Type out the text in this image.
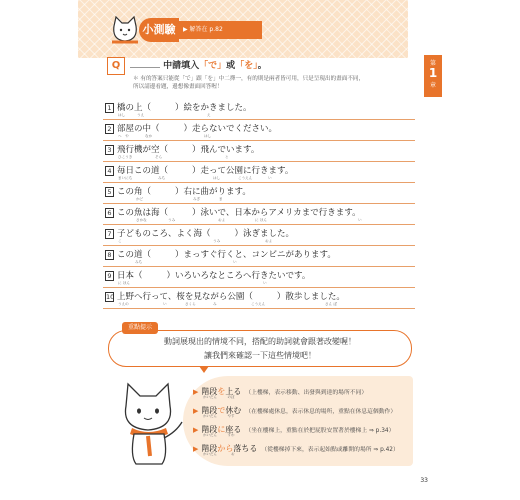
小測驗	▶ 解答在 p.82
第
1
章
Q	中請填入「で」或「を」。
＊ 有的答案只能從「で」跟「を」中二擇一，有的則是兩者皆可用，只是呈現出的畫面不同，
所以請邊看題，邊想像畫面回答喔！
1 橋の上（	）絵をかきました。
はし	うえ	え
2 部屋の中（	）走らないでください。
へ　や	なか	はし
3 飛行機が空（	）飛んでいます。
ひこうき	そら	と
4 毎日この道（	）走って公園に行きます。
まいにち	みち	はし	こうえん	い
5 この角（	）右に曲がります。
かど	みぎ	ま
6 この魚は海（	）泳いで、日本からアメリカまで行きます。
さかな	うみ	およ	に ほん	い
7 子どものころ、よく海（	）泳ぎました。
こ	うみ	およ
8 この道（	）まっすぐ行くと、コンビニがあります。
みち	い
9 日本（	）いろいろなところへ行きたいです。
に ほん	い
10 上野へ行って、桜を見ながら公園（	）散歩しました。
うえの	い	さくら	み	こうえん	さん ぽ
動詞展現出的情境不同，搭配的助詞就會跟著改變喔！
讓我們來確認一下這些情境吧！
重點提示
▶ 階段を上る （上樓梯，表示移動、出發與到達的場所不同）
かいだん　　　のぼ
▶ 階段で休む （在樓梯處休息，表示休息的場所，重點在休息這個動作）
かいだん　　　やす
▶ 階段に座る （坐在樓梯上，重點在於把屁股安置著於樓梯上 ⇒ p.34）
かいだん　　　すわ
▶ 階段から落ちる （從樓梯掉下來，表示起始點或離開的場所 ⇒ p.42）
かいだん　　　　お
33
